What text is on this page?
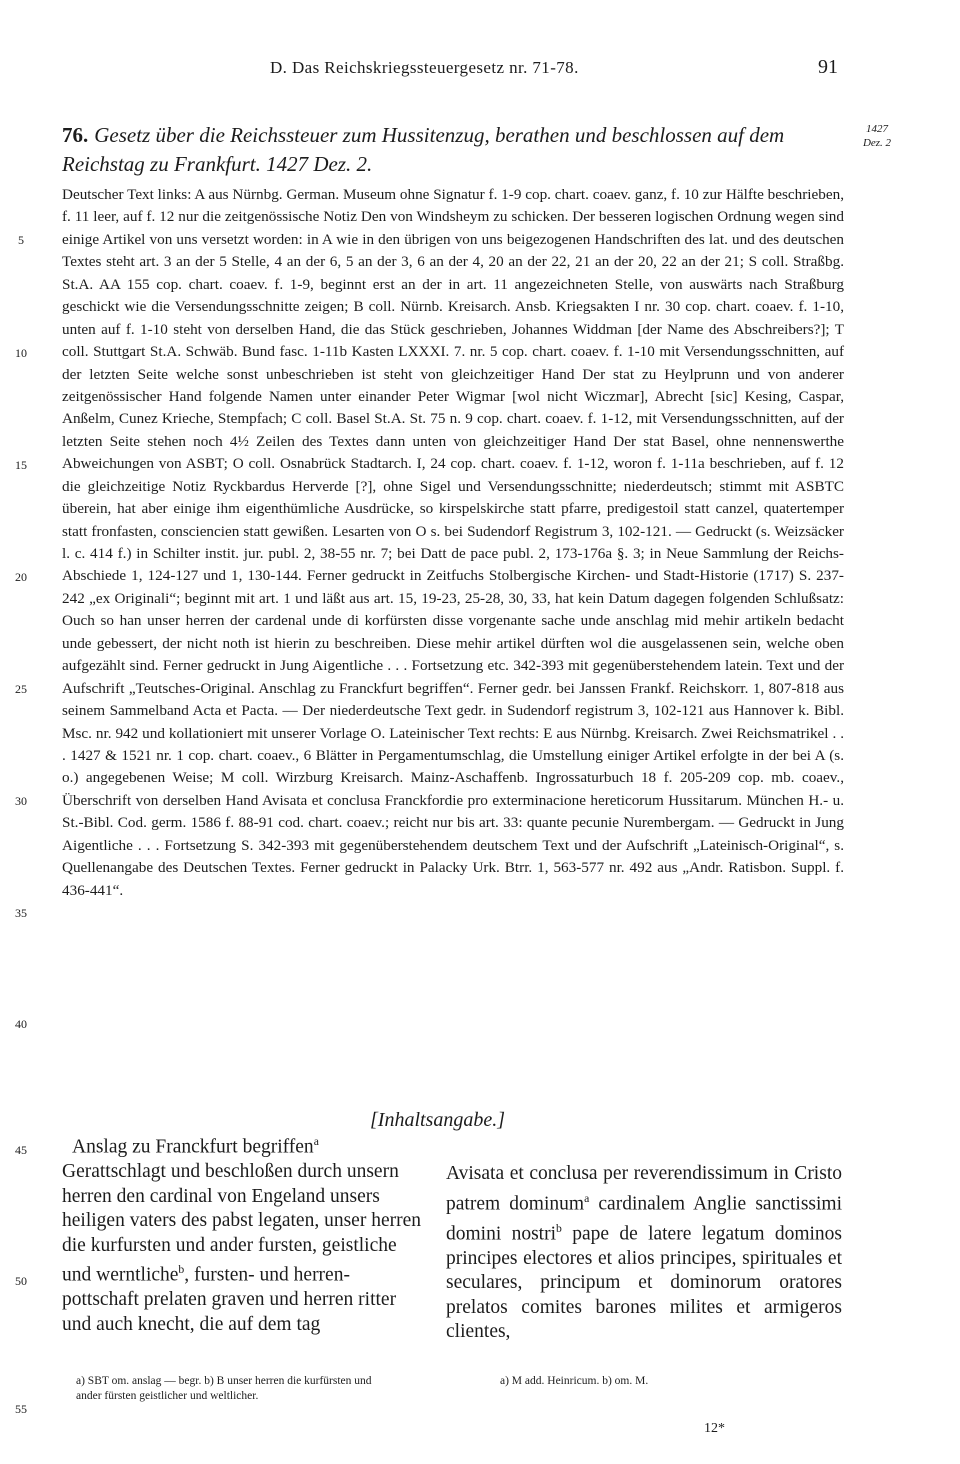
D. Das Reichskriegssteuergesetz nr. 71-78.	91
76. Gesetz über die Reichssteuer zum Hussitenzug, berathen und beschlossen auf dem Reichstag zu Frankfurt. 1427 Dez. 2.
1427
Dez. 2
Deutscher Text links: A aus Nürnbg. German. Museum ohne Signatur f. 1-9 cop. chart. coaev. ganz, f. 10 zur Hälfte beschrieben, f. 11 leer, auf f. 12 nur die zeitgenössische Notiz Den von Windsheym zu schicken. Der besseren logischen Ordnung wegen sind einige Artikel von uns versetzt worden: in A wie in den übrigen von uns beigezogenen Handschriften des lat. und des deutschen Textes steht art. 3 an der 5 Stelle, 4 an der 6, 5 an der 3, 6 an der 4, 20 an der 22, 21 an der 20, 22 an der 21; S coll. Straßbg. St.A. AA 155 cop. chart. coaev. f. 1-9, beginnt erst an der in art. 11 angezeichneten Stelle, von auswärts nach Straßburg geschickt wie die Versendungsschnitte zeigen; B coll. Nürnb. Kreisarch. Ansb. Kriegsakten I nr. 30 cop. chart. coaev. f. 1-10, unten auf f. 1-10 steht von derselben Hand, die das Stück geschrieben, Johannes Widdman [der Name des Abschreibers?]; T coll. Stuttgart St.A. Schwäb. Bund fasc. 1-11b Kasten LXXXI. 7. nr. 5 cop. chart. coaev. f. 1-10 mit Versendungsschnitten, auf der letzten Seite welche sonst unbeschrieben ist steht von gleichzeitiger Hand Der stat zu Heylprunn und von anderer zeitgenössischer Hand folgende Namen unter einander Peter Wigmar [wol nicht Wiczmar], Abrecht [sic] Kesing, Caspar, Anßelm, Cunez Krieche, Stempfach; C coll. Basel St.A. St. 75 n. 9 cop. chart. coaev. f. 1-12, mit Versendungsschnitten, auf der letzten Seite stehen noch 4½ Zeilen des Textes dann unten von gleichzeitiger Hand Der stat Basel, ohne nennenswerthe Abweichungen von ASBT; O coll. Osnabrück Stadtarch. I, 24 cop. chart. coaev. f. 1-12, woron f. 1-11a beschrieben, auf f. 12 die gleichzeitige Notiz Ryckbardus Herverde [?], ohne Sigel und Versendungsschnitte; niederdeutsch; stimmt mit ASBTC überein, hat aber einige ihm eigenthümliche Ausdrücke, so kirspelskirche statt pfarre, predigestoil statt canzel, quatertemper statt fronfasten, consciencien statt gewißen. Lesarten von O s. bei Sudendorf Registrum 3, 102-121. — Gedruckt (s. Weizsäcker l. c. 414 f.) in Schilter instit. jur. publ. 2, 38-55 nr. 7; bei Datt de pace publ. 2, 173-176a §. 3; in Neue Sammlung der Reichs-Abschiede 1, 124-127 und 1, 130-144. Ferner gedruckt in Zeitfuchs Stolbergische Kirchen- und Stadt-Historie (1717) S. 237-242 „ex Originali“; beginnt mit art. 1 und läßt aus art. 15, 19-23, 25-28, 30, 33, hat kein Datum dagegen folgenden Schlußsatz: Ouch so han unser herren der cardenal unde di korfürsten disse vorgenante sache unde anschlag mid mehir artikeln bedacht unde gebessert, der nicht noth ist hierin zu beschreiben. Diese mehir artikel dürften wol die ausgelassenen sein, welche oben aufgezählt sind. Ferner gedruckt in Jung Aigentliche . . . Fortsetzung etc. 342-393 mit gegenüberstehendem latein. Text und der Aufschrift „Teutsches-Original. Anschlag zu Franckfurt begriffen“. Ferner gedr. bei Janssen Frankf. Reichskorr. 1, 807-818 aus seinem Sammelband Acta et Pacta. — Der niederdeutsche Text gedr. in Sudendorf registrum 3, 102-121 aus Hannover k. Bibl. Msc. nr. 942 und kollationiert mit unserer Vorlage O. Lateinischer Text rechts: E aus Nürnbg. Kreisarch. Zwei Reichsmatrikel . . . 1427 & 1521 nr. 1 cop. chart. coaev., 6 Blätter in Pergamentumschlag, die Umstellung einiger Artikel erfolgte in der bei A (s. o.) angegebenen Weise; M coll. Wirzburg Kreisarch. Mainz-Aschaffenb. Ingrossaturbuch 18 f. 205-209 cop. mb. coaev., Überschrift von derselben Hand Avisata et conclusa Franckfordie pro exterminacione hereticorum Hussitarum. München H.- u. St.-Bibl. Cod. germ. 1586 f. 88-91 cod. chart. coaev.; reicht nur bis art. 33: quante pecunie Nurembergam. — Gedruckt in Jung Aigentliche . . . Fortsetzung S. 342-393 mit gegenüberstehendem deutschem Text und der Aufschrift „Lateinisch-Original“, s. Quellenangabe des Deutschen Textes. Ferner gedruckt in Palacky Urk. Btrr. 1, 563-577 nr. 492 aus „Andr. Ratisbon. Suppl. f. 436-441“.
5
10
15
20
25
30
35
40
45
50
55
[Inhaltsangabe.]
Anslag zu Franckfurt begriffen$^a$
Gerattschlagt und beschloßen durch unsern herren den cardinal von Engeland unsers heiligen vaters des pabst legaten, unser herren die kurfursten und ander fursten, geistliche und werntliche$^b$, fursten- und herren-pottschaft prelaten graven und herren ritter und auch knecht, die auf dem tag
Avisata et conclusa per reverendissimum in Cristo patrem dominum$^a$ cardinalem Anglie sanctissimi domini nostri$^b$ pape de latere legatum dominos principes electores et alios principes, spirituales et seculares, principum et dominorum oratores prelatos comites barones milites et armigeros clientes,
a) SBT om. anslag — begr. b) B unser herren die kurfürsten und ander fürsten geistlicher und weltlicher.
a) M add. Heinricum. b) om. M.
12*
